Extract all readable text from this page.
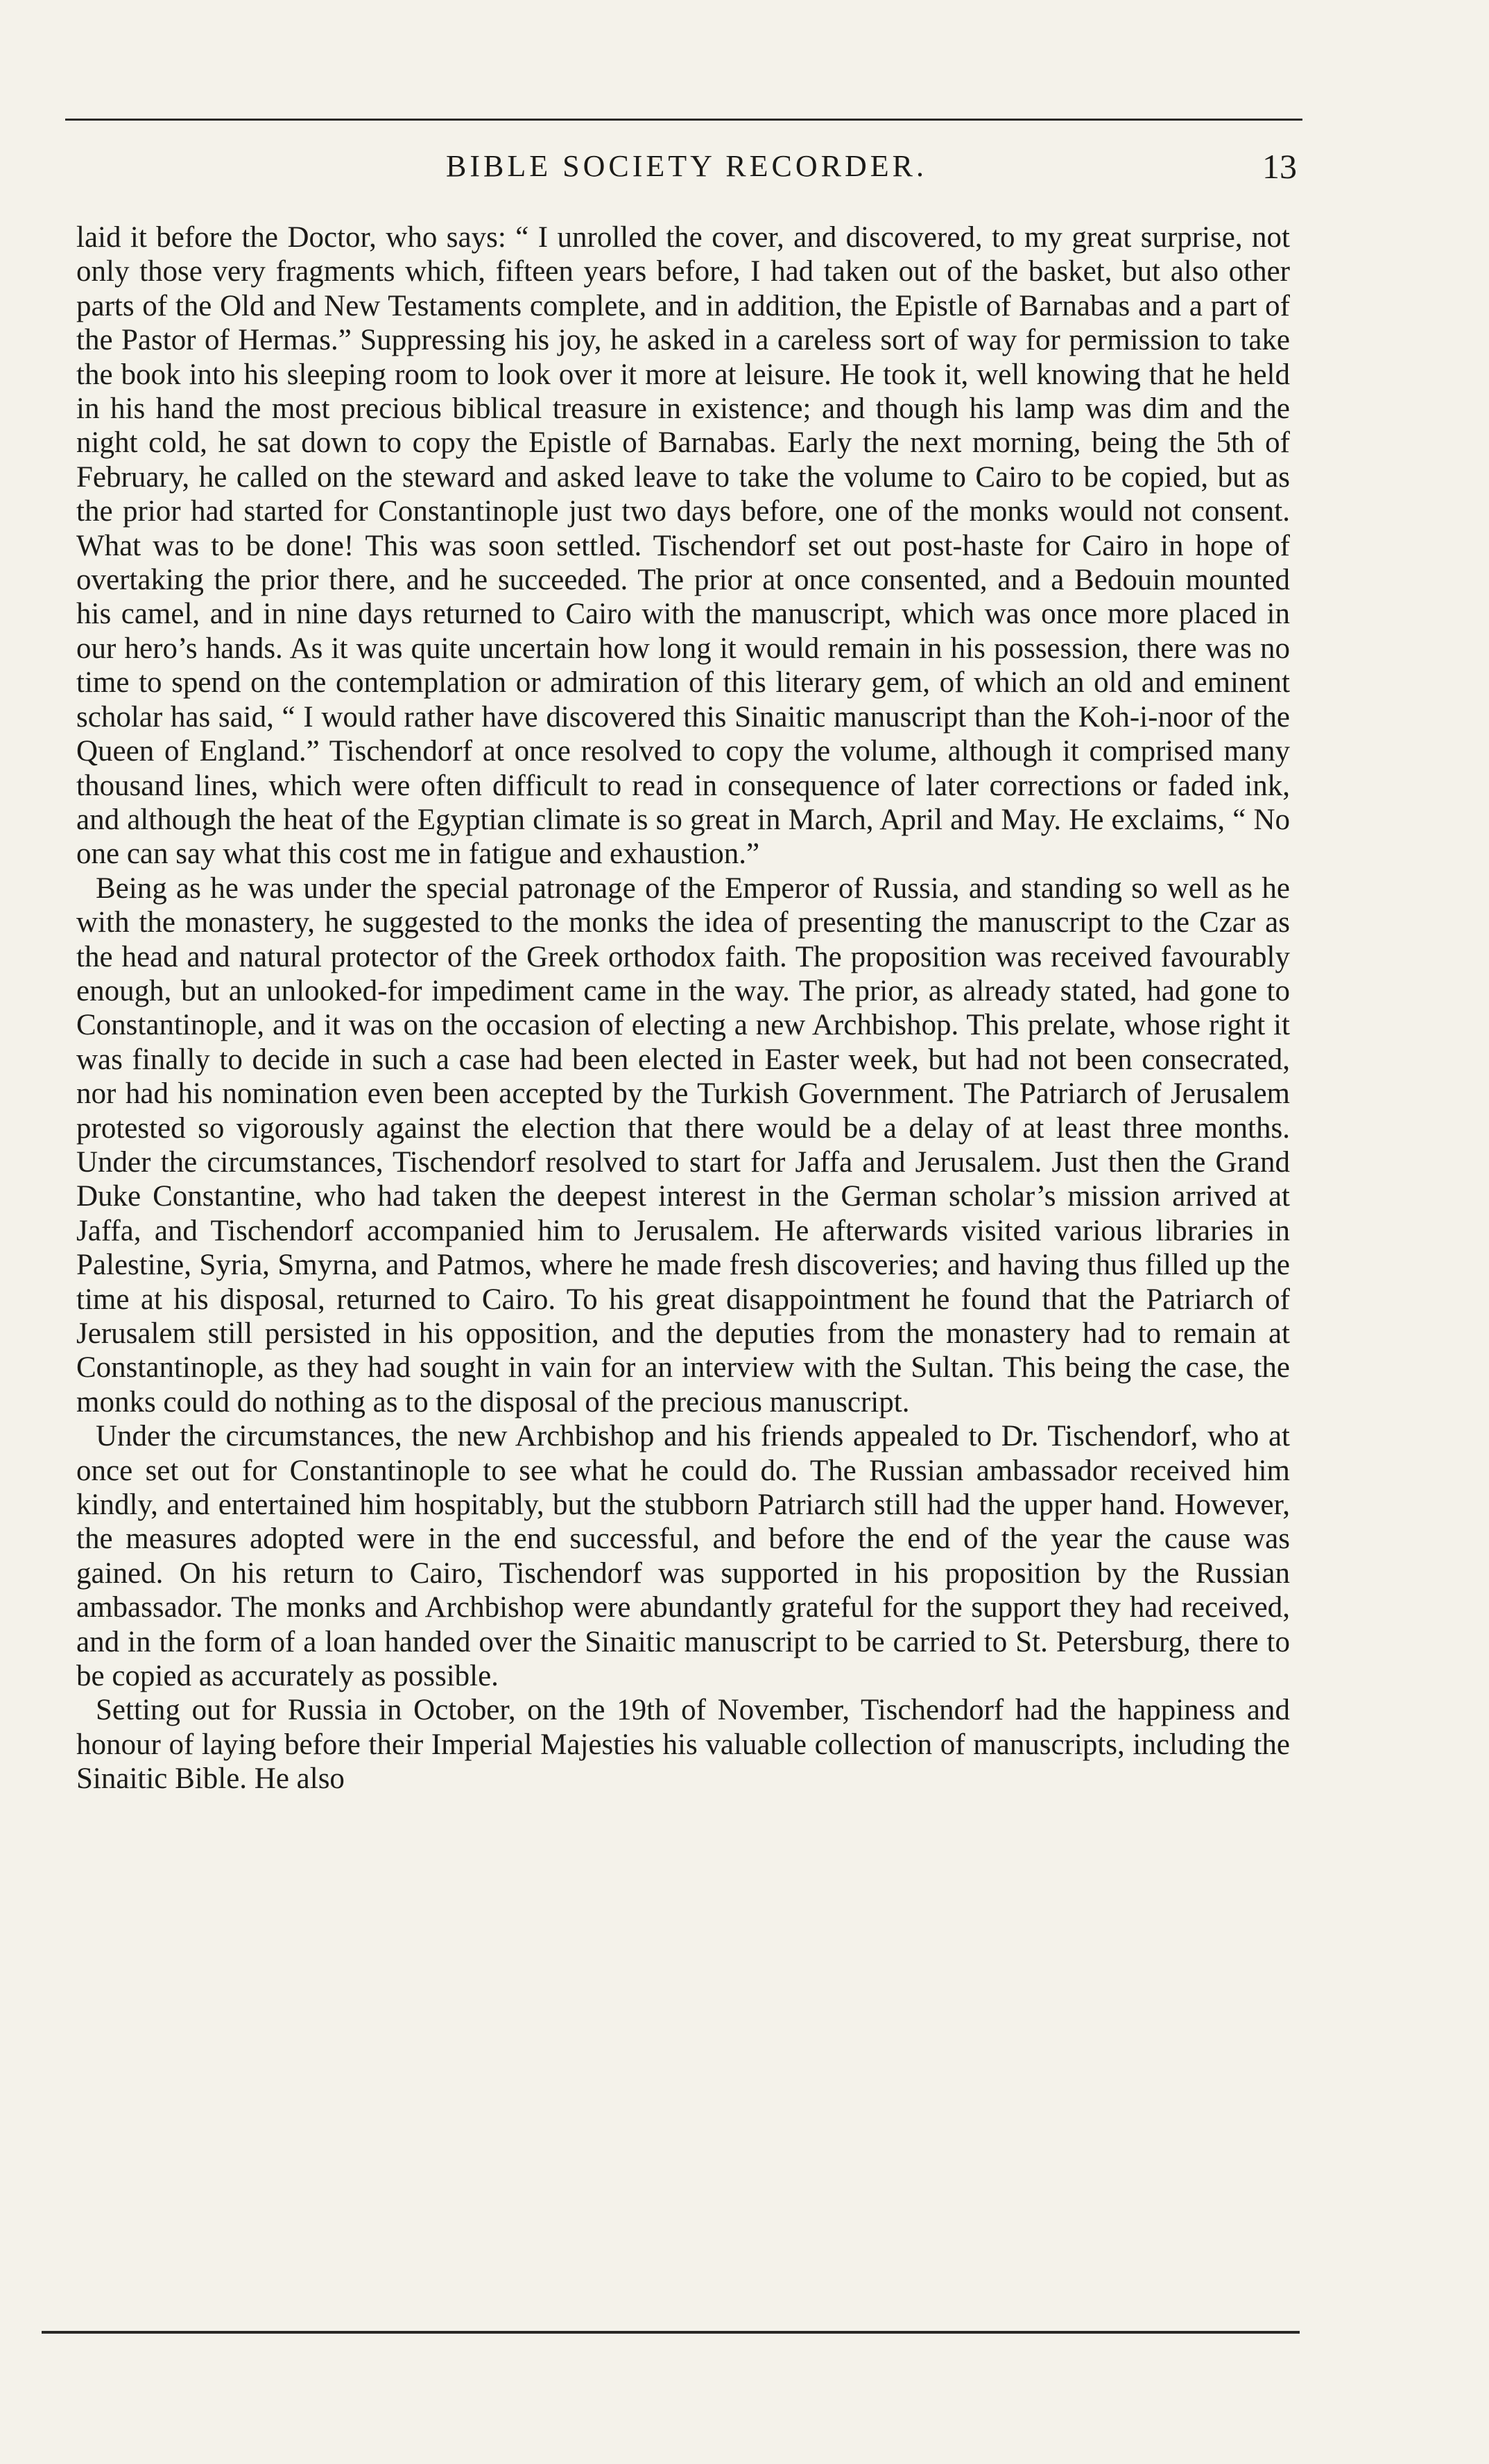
BIBLE SOCIETY RECORDER.	13

laid it before the Doctor, who says: “ I unrolled the cover, and discovered, to my great surprise, not only those very fragments which, fifteen years before, I had taken out of the basket, but also other parts of the Old and New Testaments complete, and in addition, the Epistle of Barnabas and a part of the Pastor of Hermas.” Suppressing his joy, he asked in a careless sort of way for permission to take the book into his sleeping room to look over it more at leisure. He took it, well knowing that he held in his hand the most precious biblical treasure in existence; and though his lamp was dim and the night cold, he sat down to copy the Epistle of Barnabas. Early the next morning, being the 5th of February, he called on the steward and asked leave to take the volume to Cairo to be copied, but as the prior had started for Constantinople just two days before, one of the monks would not consent. What was to be done! This was soon settled. Tischendorf set out post-haste for Cairo in hope of overtaking the prior there, and he succeeded. The prior at once consented, and a Bedouin mounted his camel, and in nine days returned to Cairo with the manuscript, which was once more placed in our hero’s hands. As it was quite uncertain how long it would remain in his possession, there was no time to spend on the contemplation or admiration of this literary gem, of which an old and eminent scholar has said, “ I would rather have discovered this Sinaitic manuscript than the Koh-i-noor of the Queen of England.” Tischendorf at once resolved to copy the volume, although it comprised many thousand lines, which were often difficult to read in consequence of later corrections or faded ink, and although the heat of the Egyptian climate is so great in March, April and May. He exclaims, “ No one can say what this cost me in fatigue and exhaustion.”

Being as he was under the special patronage of the Emperor of Russia, and standing so well as he with the monastery, he suggested to the monks the idea of presenting the manuscript to the Czar as the head and natural protector of the Greek orthodox faith. The proposition was received favourably enough, but an unlooked-for impediment came in the way. The prior, as already stated, had gone to Constantinople, and it was on the occasion of electing a new Archbishop. This prelate, whose right it was finally to decide in such a case had been elected in Easter week, but had not been consecrated, nor had his nomination even been accepted by the Turkish Government. The Patriarch of Jerusalem protested so vigorously against the election that there would be a delay of at least three months. Under the circumstances, Tischendorf resolved to start for Jaffa and Jerusalem. Just then the Grand Duke Constantine, who had taken the deepest interest in the German scholar’s mission arrived at Jaffa, and Tischendorf accompanied him to Jerusalem. He afterwards visited various libraries in Palestine, Syria, Smyrna, and Patmos, where he made fresh discoveries; and having thus filled up the time at his disposal, returned to Cairo. To his great disappointment he found that the Patriarch of Jerusalem still persisted in his opposition, and the deputies from the monastery had to remain at Constantinople, as they had sought in vain for an interview with the Sultan. This being the case, the monks could do nothing as to the disposal of the precious manuscript.

Under the circumstances, the new Archbishop and his friends appealed to Dr. Tischendorf, who at once set out for Constantinople to see what he could do. The Russian ambassador received him kindly, and entertained him hospitably, but the stubborn Patriarch still had the upper hand. However, the measures adopted were in the end successful, and before the end of the year the cause was gained. On his return to Cairo, Tischendorf was supported in his proposition by the Russian ambassador. The monks and Archbishop were abundantly grateful for the support they had received, and in the form of a loan handed over the Sinaitic manuscript to be carried to St. Petersburg, there to be copied as accurately as possible.

Setting out for Russia in October, on the 19th of November, Tischendorf had the happiness and honour of laying before their Imperial Majesties his valuable collection of manuscripts, including the Sinaitic Bible. He also
